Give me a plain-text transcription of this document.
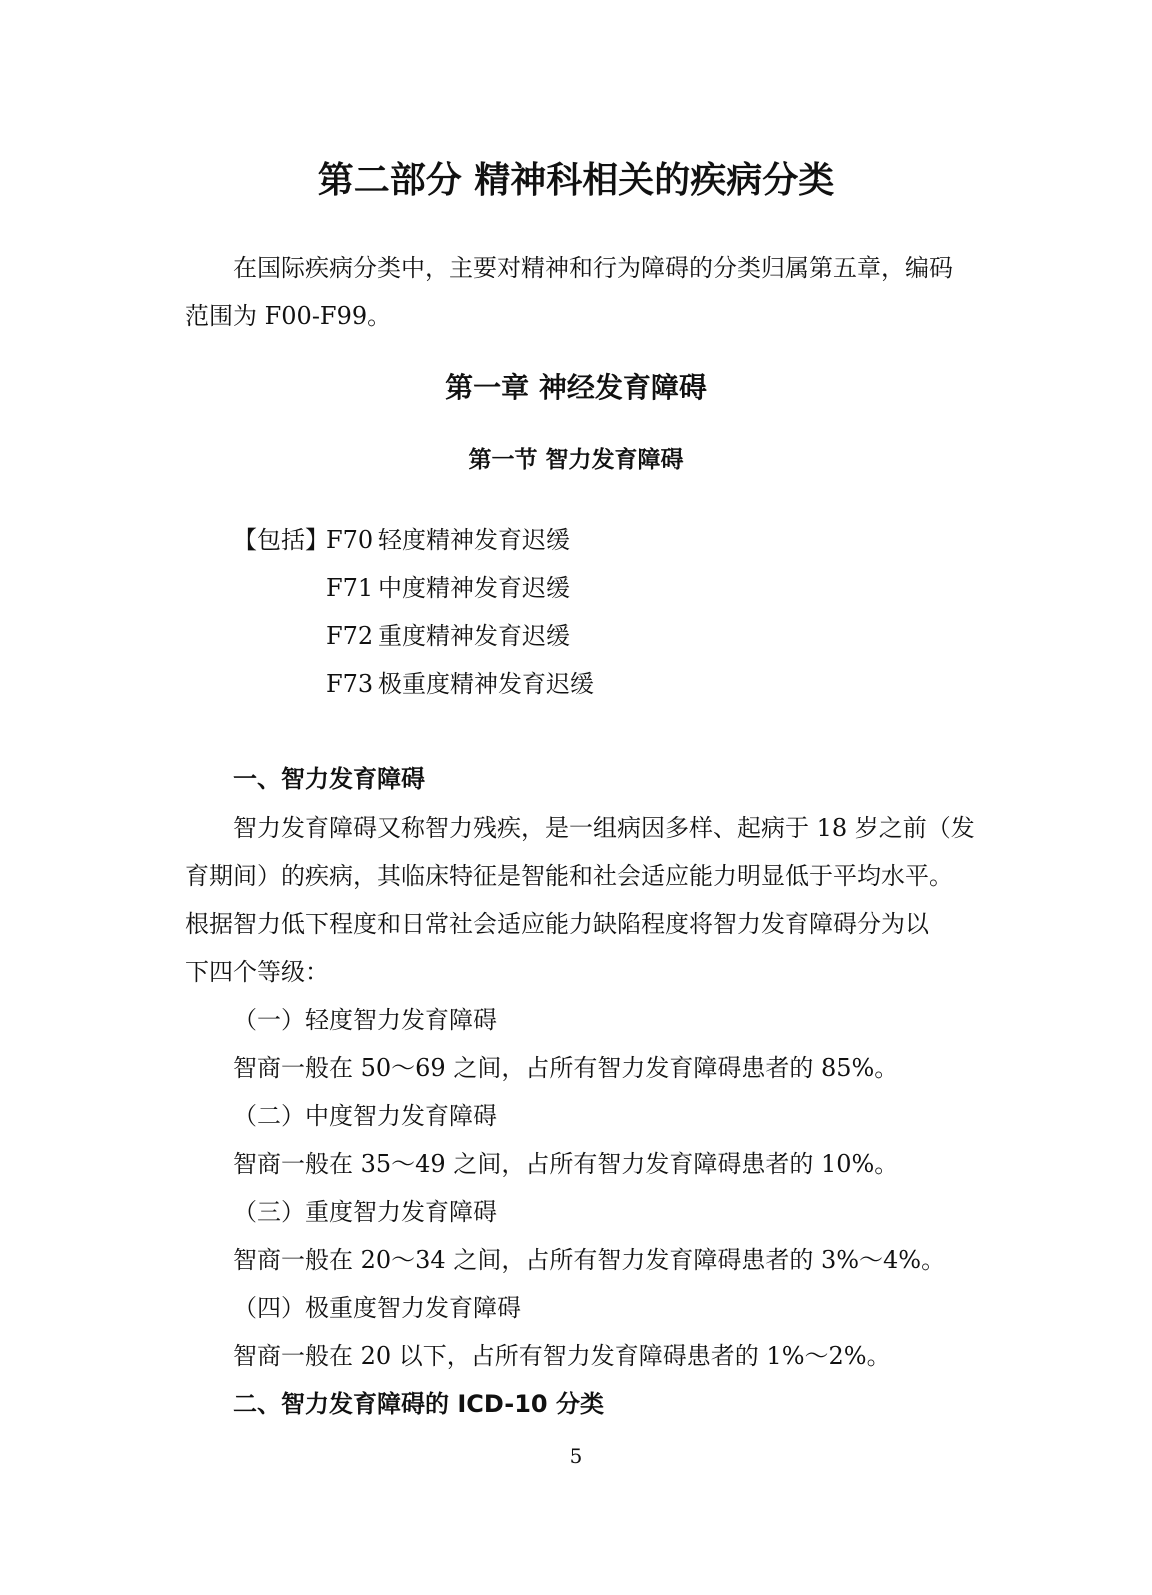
第二部分 精神科相关的疾病分类
在国际疾病分类中，主要对精神和行为障碍的分类归属第五章，编码
范围为 F00-F99。
第一章 神经发育障碍
第一节 智力发育障碍
【包括】
F70 轻度精神发育迟缓
F71 中度精神发育迟缓
F72 重度精神发育迟缓
F73 极重度精神发育迟缓
一、智力发育障碍
智力发育障碍又称智力残疾，是一组病因多样、起病于 18 岁之前（发
育期间）的疾病，其临床特征是智能和社会适应能力明显低于平均水平。
根据智力低下程度和日常社会适应能力缺陷程度将智力发育障碍分为以
下四个等级：
（一）轻度智力发育障碍
智商一般在 50～69 之间，占所有智力发育障碍患者的 85%。
（二）中度智力发育障碍
智商一般在 35～49 之间，占所有智力发育障碍患者的 10%。
（三）重度智力发育障碍
智商一般在 20～34 之间，占所有智力发育障碍患者的 3%～4%。
（四）极重度智力发育障碍
智商一般在 20 以下，占所有智力发育障碍患者的 1%～2%。
二、智力发育障碍的 ICD-10 分类
5
